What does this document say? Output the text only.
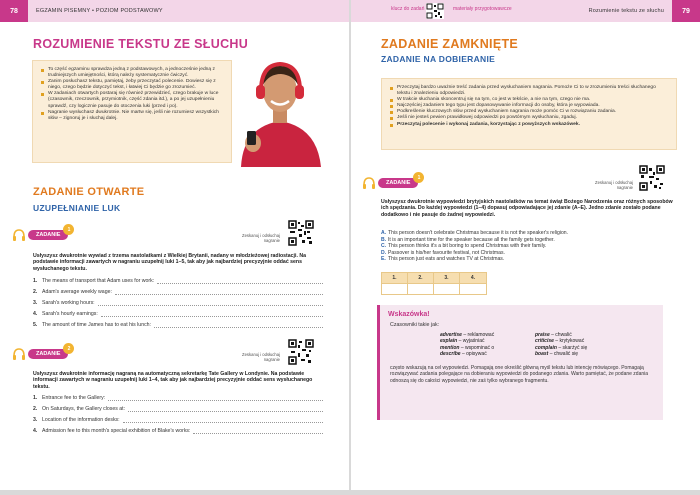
78	EGZAMIN PISEMNY • POZIOM PODSTAWOWY
ROZUMIENIE TEKSTU ZE SŁUCHU
To część egzaminu sprawdza jedną z podstawowych, a jednocześnie jedną z trudniejszych umiejętności, którą należy systematycznie ćwiczyć.
Zanim posłuchasz tekstu, pamiętaj, żeby przeczytać polecenie. Dowiesz się z niego, czego będzie dotyczyć tekst, i łatwiej Ci będzie go zrozumieć.
W zadaniach otwartych postaraj się również przewidzieć, czego brakuje w luce (czasownik, rzeczownik, przymiotnik, część zdania itd.), a po jej uzupełnieniu sprawdź, czy logicznie pasuje do otoczenia luki (przed i po).
Nagranie wysłuchasz dwukrotnie. Nie martw się, jeśli nie rozumiesz wszystkich słów – zignoruj je i słuchaj dalej.
ZADANIE OTWARTE
UZUPEŁNIANIE LUK
ZADANIE
1
Zeskanuj i odsłuchaj nagranie
Usłyszysz dwukrotnie wywiad z trzema nastolatkami z Wielkiej Brytanii, nadany w młodzieżowej radiostacji. Na podstawie informacji zawartych w nagraniu uzupełnij luki 1–5, tak aby jak najbardziej precyzyjnie oddać sens wysłuchanego tekstu.
1. The means of transport that Adam uses for work:
2. Adam's average weekly wage:
3. Sarah's working hours:
4. Sarah's hourly earnings:
5. The amount of time James has to eat his lunch:
ZADANIE
2
Zeskanuj i odsłuchaj nagranie
Usłyszysz dwukrotnie informację nagraną na automatyczną sekretarkę Tate Gallery w Londynie. Na podstawie informacji zawartych w nagraniu uzupełnij luki 1–4, tak aby jak najbardziej precyzyjnie oddać sens wysłuchanego tekstu.
1. Entrance fee to the Gallery:
2. On Saturdays, the Gallery closes at:
3. Location of the information desks:
4. Admission fee to this month's special exhibition of Blake's works:
klucz do zadań	materiały przygotowawcze	Rozumienie tekstu ze słuchu	79
ZADANIE ZAMKNIĘTE
ZADANIE NA DOBIERANIE
Przeczytaj bardzo uważnie treść zadania przed wysłuchaniem nagrania. Pomoże Ci to w zrozumieniu treści słuchanego tekstu i znalezieniu odpowiedzi.
W trakcie słuchania skoncentruj się na tym, co jest w tekście, a nie na tym, czego nie ma.
Najczęściej zadaniem tego typu jest dopasowywanie informacji do osoby, która je wypowiada.
Podkreślenie kluczowych słów przed wysłuchaniem nagrania może pomóc Ci w rozwiązaniu zadania.
Jeśli nie jesteś pewien prawidłowej odpowiedzi po powtórnym wysłuchaniu, zgaduj.
Przeczytaj polecenie i wykonaj zadania, korzystając z powyższych wskazówek.
ZADANIE
1
Zeskanuj i odsłuchaj nagranie
Usłyszysz dwukrotnie wypowiedzi brytyjskich nastolatków na temat świąt Bożego Narodzenia oraz różnych sposobów ich spędzania. Do każdej wypowiedzi (1–4) dopasuj odpowiadające jej zdanie (A–E). Jedno zdanie zostało podane dodatkowo i nie pasuje do żadnej wypowiedzi.
A. This person doesn't celebrate Christmas because it is not the speaker's religion.
B. It is an important time for the speaker because all the family gets together.
C. This person thinks it's a bit boring to spend Christmas with their family.
D. Passover is his/her favourite festival, not Christmas.
E. This person just eats and watches TV at Christmas.
1.	2.	3.	4.
Wskazówka!
Czasowniki takie jak:
advertise – reklamować
explain – wyjaśniać
mention – wspominać o
describe – opisywać
praise – chwalić
criticise – krytykować
complain – skarżyć się
boast – chwalić się
często wskazują na cel wypowiedzi. Pomagają one określić główną myśl tekstu lub intencję mówiącego. Pomagają rozwiązywać zadania polegające na dobieraniu wypowiedzi do podanego zdania. Warto pamiętać, że podane zdania odnoszą się do całości wypowiedzi, nie zaś tylko wybranego fragmentu.
